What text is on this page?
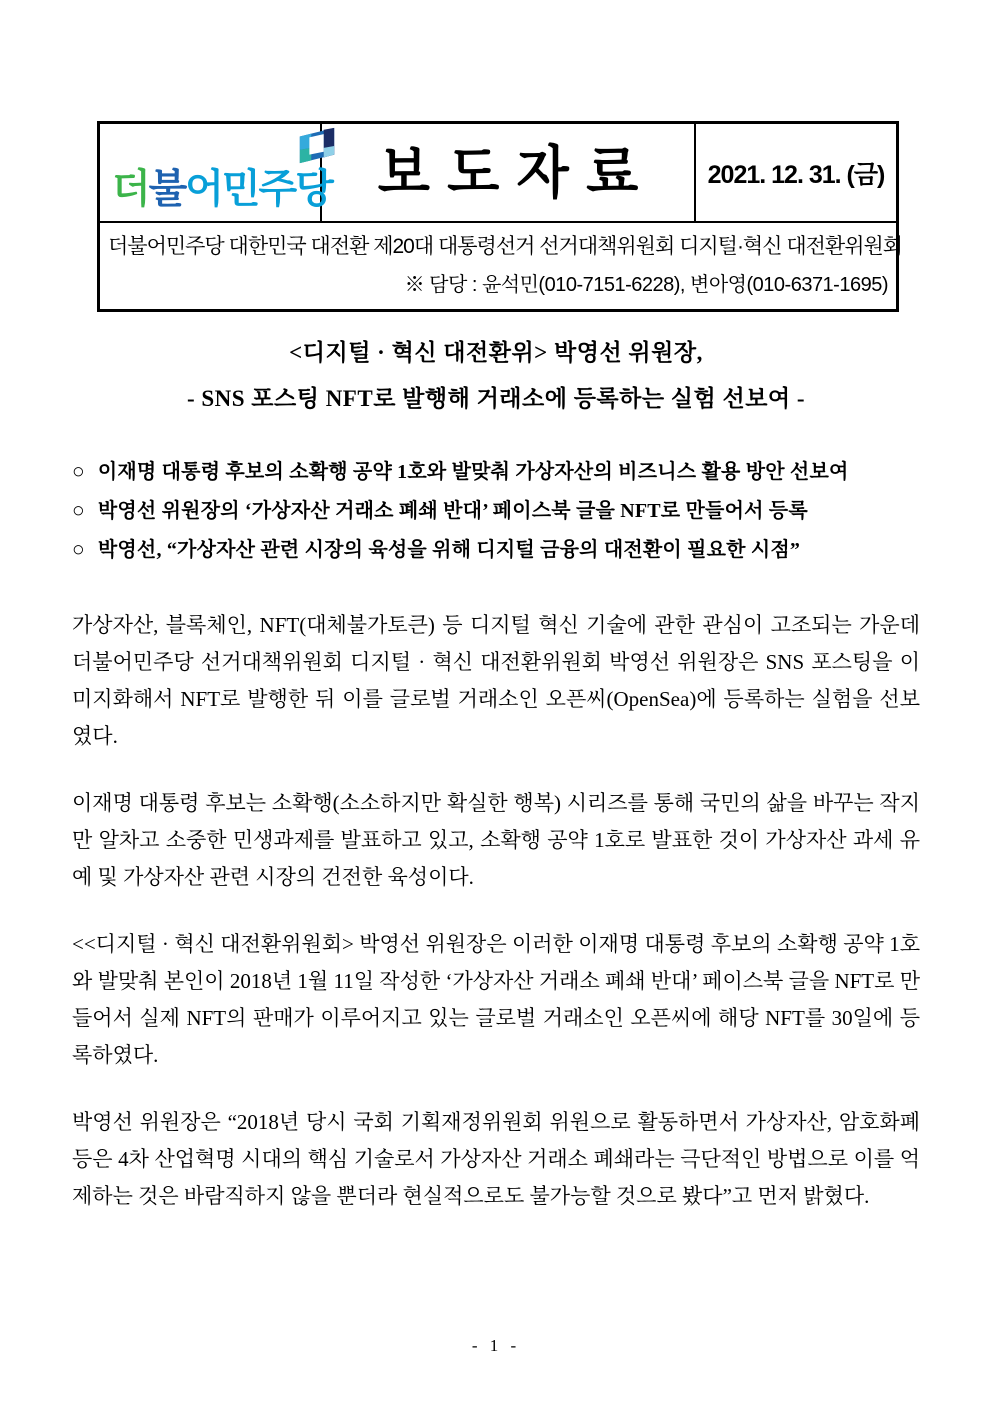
더불어민주당 보도자료 2021. 12. 31. (금)
더불어민주당 대한민국 대전환 제20대 대통령선거 선거대책위원회 디지털·혁신 대전환위원회
※ 담당 : 윤석민(010-7151-6228), 변아영(010-6371-1695)
<디지털 · 혁신 대전환위> 박영선 위원장,
- SNS 포스팅 NFT로 발행해 거래소에 등록하는 실험 선보여 -
○ 이재명 대통령 후보의 소확행 공약 1호와 발맞춰 가상자산의 비즈니스 활용 방안 선보여
○ 박영선 위원장의 ‘가상자산 거래소 폐쇄 반대’ 페이스북 글을 NFT로 만들어서 등록
○ 박영선, “가상자산 관련 시장의 육성을 위해 디지털 금융의 대전환이 필요한 시점”

가상자산, 블록체인, NFT(대체불가토큰) 등 디지털 혁신 기술에 관한 관심이 고조되는 가운데 더불어민주당 선거대책위원회 디지털 · 혁신 대전환위원회 박영선 위원장은 SNS 포스팅을 이미지화해서 NFT로 발행한 뒤 이를 글로벌 거래소인 오픈씨(OpenSea)에 등록하는 실험을 선보였다.

이재명 대통령 후보는 소확행(소소하지만 확실한 행복) 시리즈를 통해 국민의 삶을 바꾸는 작지만 알차고 소중한 민생과제를 발표하고 있고, 소확행 공약 1호로 발표한 것이 가상자산 과세 유예 및 가상자산 관련 시장의 건전한 육성이다.

<<디지털 · 혁신 대전환위원회> 박영선 위원장은 이러한 이재명 대통령 후보의 소확행 공약 1호와 발맞춰 본인이 2018년 1월 11일 작성한 ‘가상자산 거래소 폐쇄 반대’ 페이스북 글을 NFT로 만들어서 실제 NFT의 판매가 이루어지고 있는 글로벌 거래소인 오픈씨에 해당 NFT를 30일에 등록하였다.

박영선 위원장은 “2018년 당시 국회 기획재정위원회 위원으로 활동하면서 가상자산, 암호화폐 등은 4차 산업혁명 시대의 핵심 기술로서 가상자산 거래소 폐쇄라는 극단적인 방법으로 이를 억제하는 것은 바람직하지 않을 뿐더라 현실적으로도 불가능할 것으로 봤다”고 먼저 밝혔다.

- 1 -
